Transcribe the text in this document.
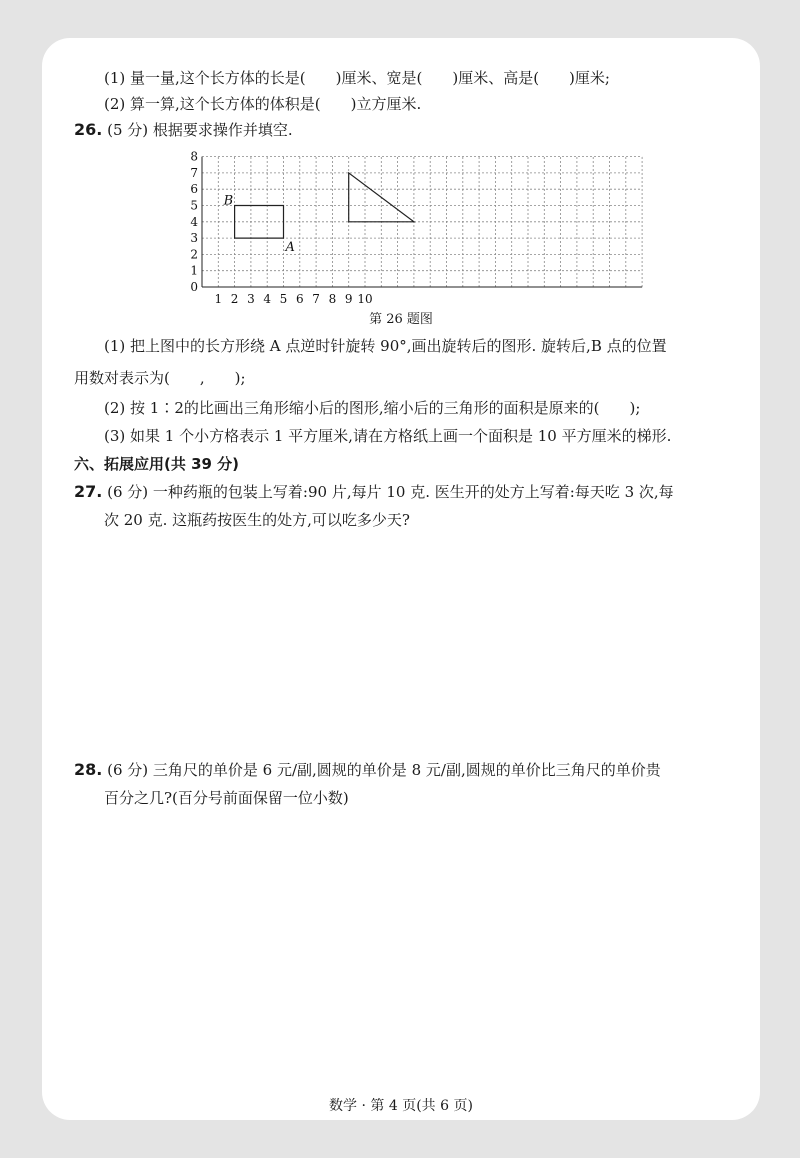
(1) 量一量,这个长方体的长是(　　)厘米、宽是(　　)厘米、高是(　　)厘米;
(2) 算一算,这个长方体的体积是(　　)立方厘米.
26. (5 分) 根据要求操作并填空.
1 2 3 4 5 6 7 8 9 10
0
1
2
3
4
5
6
7
8
B
A
第 26 题图
(1) 把上图中的长方形绕 A 点逆时针旋转 90°,画出旋转后的图形. 旋转后,B 点的位置
用数对表示为(　　,　　);
(2) 按 1∶2的比画出三角形缩小后的图形,缩小后的三角形的面积是原来的(　　);
(3) 如果 1 个小方格表示 1 平方厘米,请在方格纸上画一个面积是 10 平方厘米的梯形.
六、拓展应用(共 39 分)
27. (6 分) 一种药瓶的包装上写着:90 片,每片 10 克. 医生开的处方上写着:每天吃 3 次,每
次 20 克. 这瓶药按医生的处方,可以吃多少天?
28. (6 分) 三角尺的单价是 6 元/副,圆规的单价是 8 元/副,圆规的单价比三角尺的单价贵
百分之几?(百分号前面保留一位小数)
数学 · 第 4 页(共 6 页)
